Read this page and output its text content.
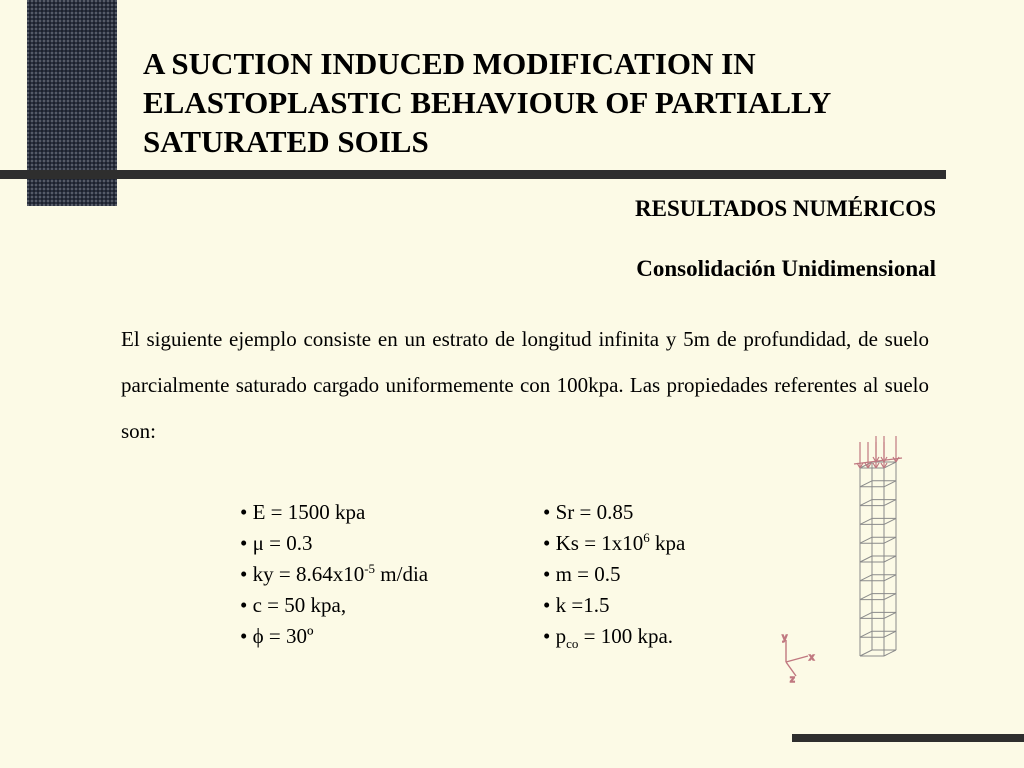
A SUCTION INDUCED MODIFICATION IN
ELASTOPLASTIC BEHAVIOUR OF PARTIALLY
SATURATED SOILS
RESULTADOS NUMÉRICOS
Consolidación Unidimensional

El siguiente ejemplo consiste en un estrato de longitud infinita y 5m de profundidad, de suelo parcialmente saturado cargado uniformemente con 100kpa. Las propiedades referentes al suelo son:

• E = 1500 kpa
• μ = 0.3
• ky = $8.64x10^{-5}$ m/dia
• c = 50 kpa,
• ϕ = 30º
• Sr = 0.85
• $Ks = 1x10^6$ kpa
• m = 0.5
• k =1.5
• $p_{co} = 100$ kpa.	y
x
z
